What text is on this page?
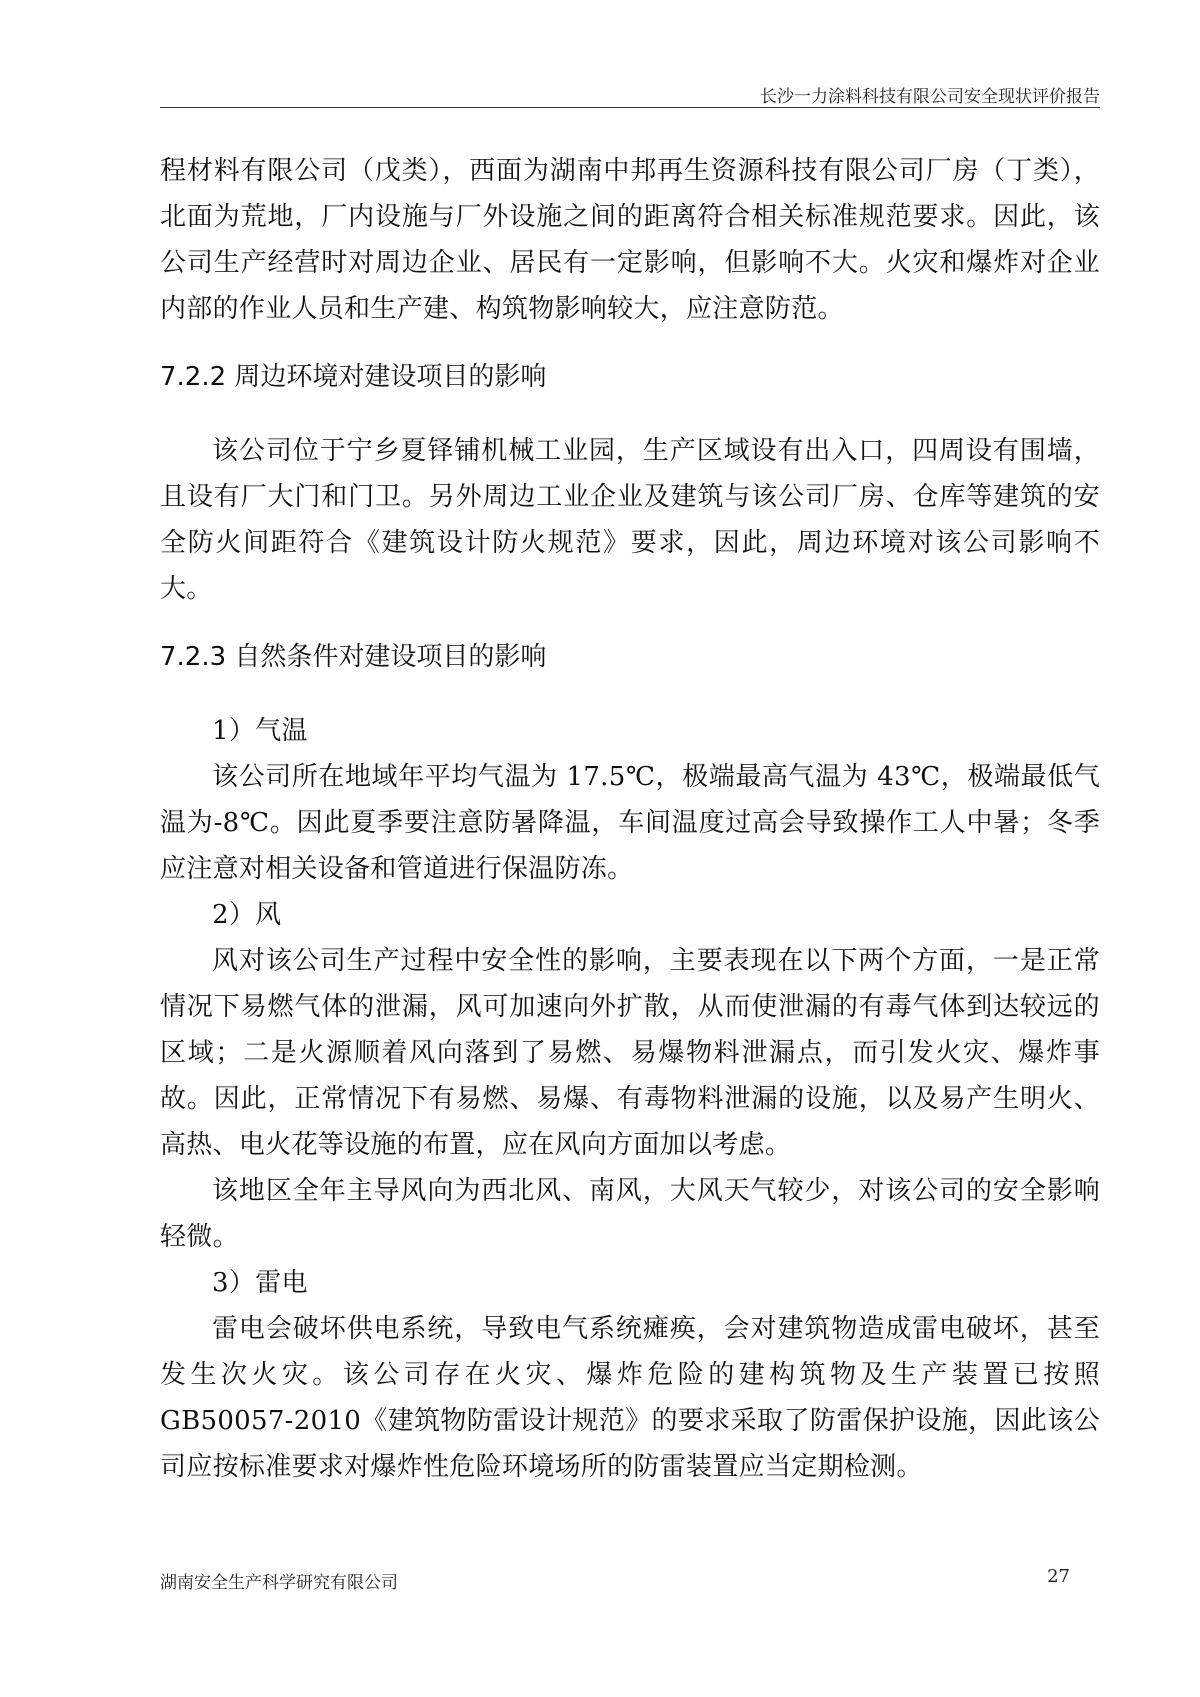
长沙一力涂料科技有限公司安全现状评价报告

程材料有限公司（戊类），西面为湖南中邦再生资源科技有限公司厂房（丁类），北面为荒地，厂内设施与厂外设施之间的距离符合相关标准规范要求。因此，该公司生产经营时对周边企业、居民有一定影响，但影响不大。火灾和爆炸对企业内部的作业人员和生产建、构筑物影响较大，应注意防范。

7.2.2 周边环境对建设项目的影响

该公司位于宁乡夏铎铺机械工业园，生产区域设有出入口，四周设有围墙，且设有厂大门和门卫。另外周边工业企业及建筑与该公司厂房、仓库等建筑的安全防火间距符合《建筑设计防火规范》要求，因此，周边环境对该公司影响不大。

7.2.3 自然条件对建设项目的影响

1）气温

该公司所在地域年平均气温为 17.5℃，极端最高气温为 43℃，极端最低气温为-8℃。因此夏季要注意防暑降温，车间温度过高会导致操作工人中暑；冬季应注意对相关设备和管道进行保温防冻。

2）风

风对该公司生产过程中安全性的影响，主要表现在以下两个方面，一是正常情况下易燃气体的泄漏，风可加速向外扩散，从而使泄漏的有毒气体到达较远的区域；二是火源顺着风向落到了易燃、易爆物料泄漏点，而引发火灾、爆炸事故。因此，正常情况下有易燃、易爆、有毒物料泄漏的设施，以及易产生明火、高热、电火花等设施的布置，应在风向方面加以考虑。

该地区全年主导风向为西北风、南风，大风天气较少，对该公司的安全影响轻微。

3）雷电

雷电会破坏供电系统，导致电气系统瘫痪，会对建筑物造成雷电破坏，甚至发生次火灾。该公司存在火灾、爆炸危险的建构筑物及生产装置已按照GB50057-2010《建筑物防雷设计规范》的要求采取了防雷保护设施，因此该公司应按标准要求对爆炸性危险环境场所的防雷装置应当定期检测。

湖南安全生产科学研究有限公司	27
